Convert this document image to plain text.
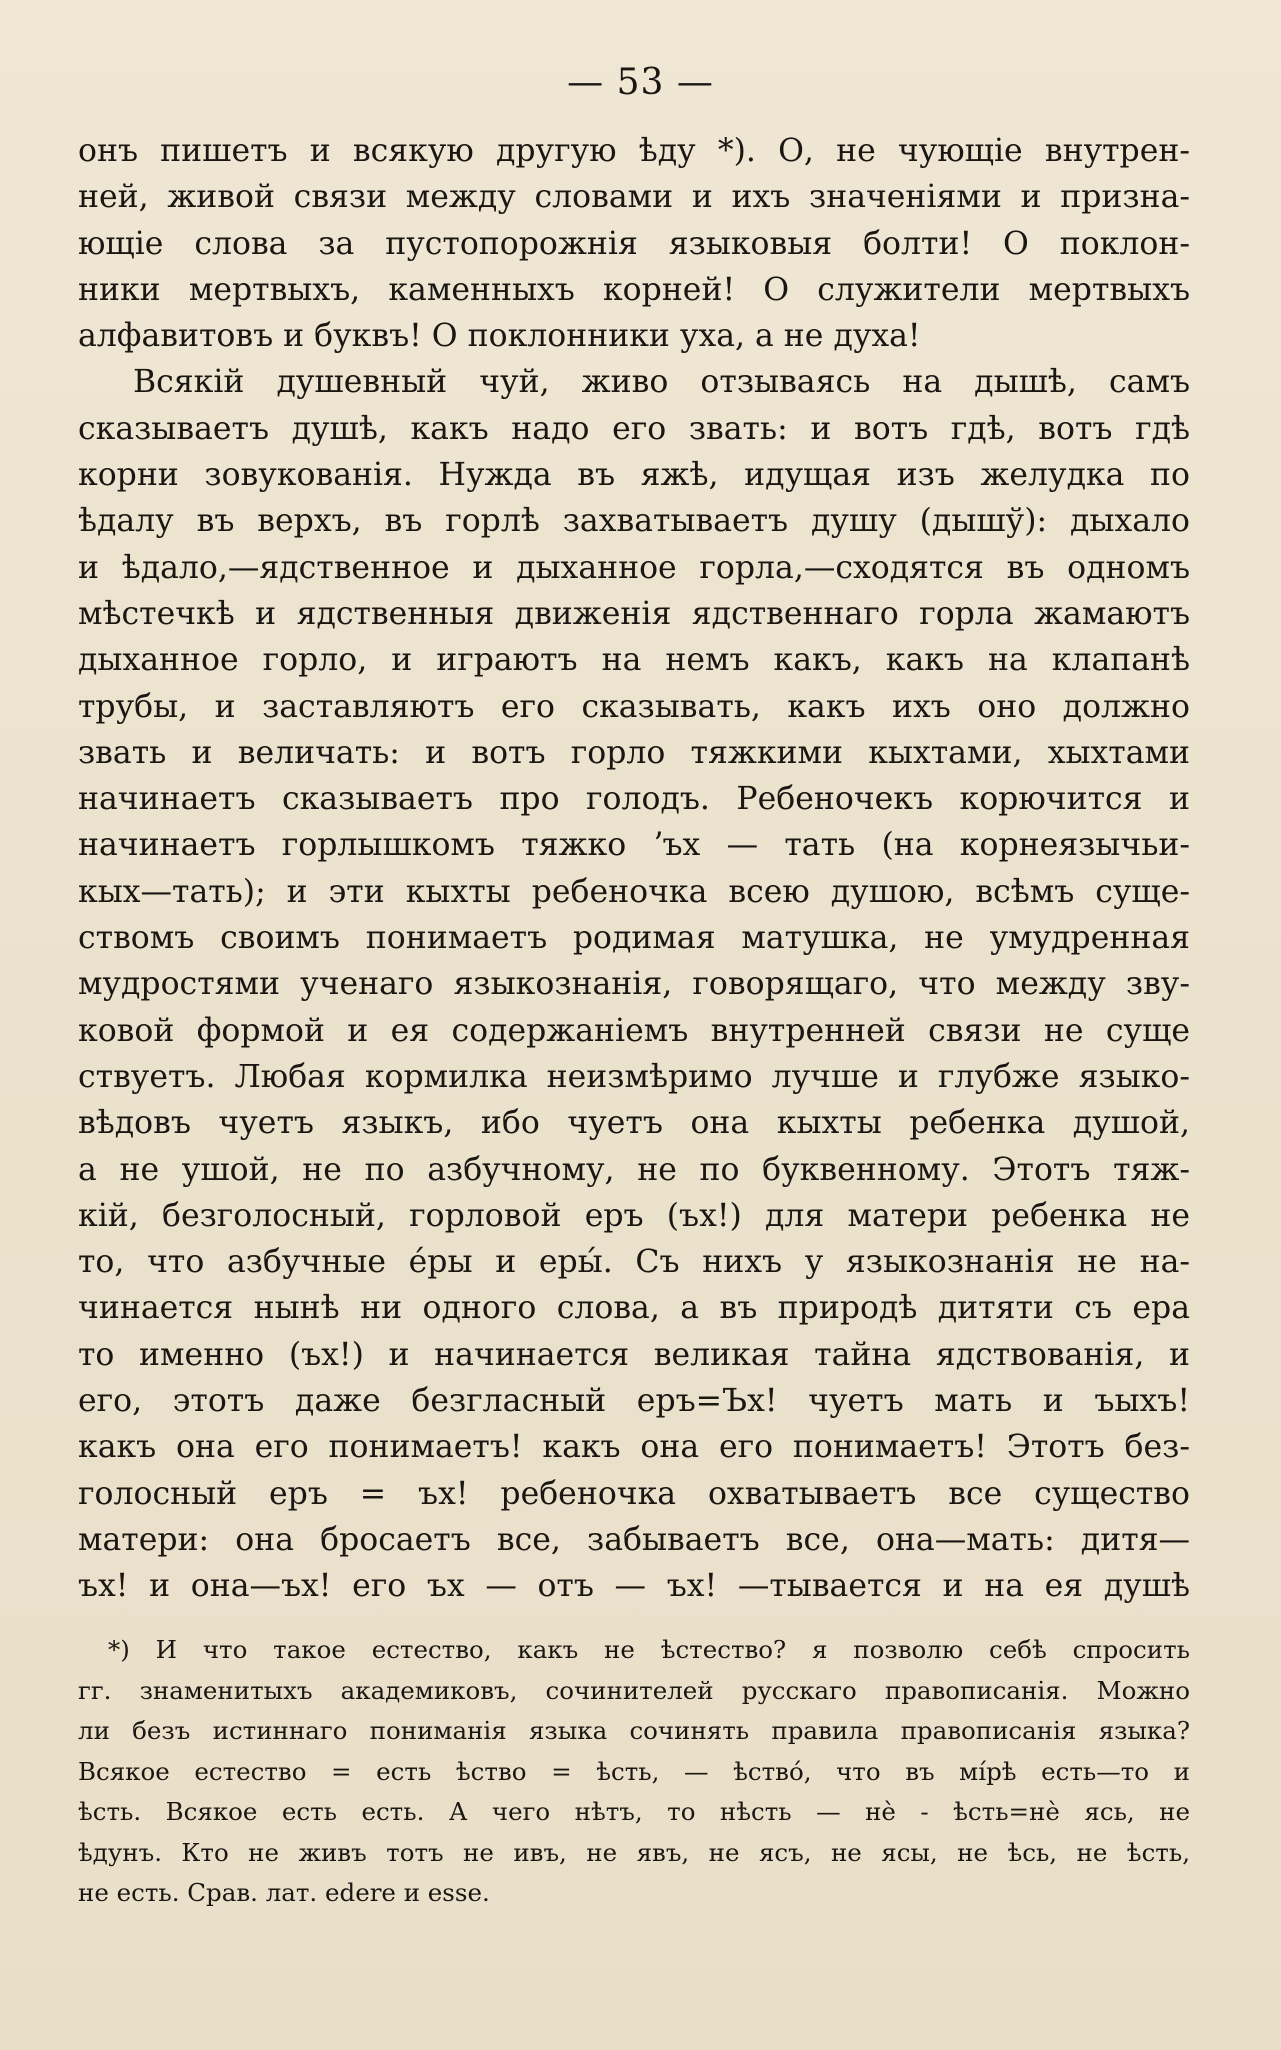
— 53 —
онъ пишетъ и всякую другую ѣду *). О, не чующіе внутрен-
ней, живой связи между словами и ихъ значеніями и призна-
ющіе слова за пустопорожнія языковыя болти! О поклон-
ники мертвыхъ, каменныхъ корней! О служители мертвыхъ
алфавитовъ и буквъ! О поклонники уха, а не духа!
Всякій душевный чуй, живо отзываясь на дышѣ, самъ
сказываетъ душѣ, какъ надо его звать: и вотъ гдѣ, вотъ гдѣ
корни зовукованія. Нужда въ яжѣ, идущая изъ желудка по
ѣдалу въ верхъ, въ горлѣ захватываетъ душу (дышў): дыхало
и ѣдало,—ядственное и дыханное горла,—сходятся въ одномъ
мѣстечкѣ и ядственныя движенія ядственнаго горла жамаютъ
дыханное горло, и играютъ на немъ какъ, какъ на клапанѣ
трубы, и заставляютъ его сказывать, какъ ихъ оно должно
звать и величать: и вотъ горло тяжкими кыхтами, хыхтами
начинаетъ сказываетъ про голодъ. Ребеночекъ корючится и
начинаетъ горлышкомъ тяжко ʼъх — тать (на корнеязычьи-
кых—тать); и эти кыхты ребеночка всею душою, всѣмъ суще-
ствомъ своимъ понимаетъ родимая матушка, не умудренная
мудростями ученаго языкознанія, говорящаго, что между зву-
ковой формой и ея содержаніемъ внутренней связи не суще
ствуетъ. Любая кормилка неизмѣримо лучше и глубже языко-
вѣдовъ чуетъ языкъ, ибо чуетъ она кыхты ребенка душой,
а не ушой, не по азбучному, не по буквенному. Этотъ тяж-
кій, безголосный, горловой еръ (ъх!) для матери ребенка не
то, что азбучные е́ры и еры́. Съ нихъ у языкознанія не на-
чинается нынѣ ни одного слова, а въ природѣ дитяти съ ера
то именно (ъх!) и начинается великая тайна ядствованія, и
его, этотъ даже безгласный еръ=Ъх! чуетъ мать и ъыхъ!
какъ она его понимаетъ! какъ она его понимаетъ! Этотъ без-
голосный еръ = ъх! ребеночка охватываетъ все существо
матери: она бросаетъ все, забываетъ все, она—мать: дитя—
ъх! и она—ъх! его ъх — отъ — ъх! —тывается и на ея душѣ
*) И что такое естество, какъ не ѣстество? я позволю себѣ спросить
гг. знаменитыхъ академиковъ, сочинителей русскаго правописанія. Можно
ли безъ истиннаго пониманія языка сочинять правила правописанія языка?
Всякое естество = есть ѣство = ѣсть, — ѣство́, что въ мі́рѣ есть—то и
ѣсть. Всякое есть есть. А чего нѣтъ, то нѣсть — нѐ - ѣсть=нѐ ясь, не
ѣдунъ. Кто не живъ тотъ не ивъ, не явъ, не ясъ, не ясы, не ѣсь, не ѣсть,
не есть. Срав. лат. edere и esse.
